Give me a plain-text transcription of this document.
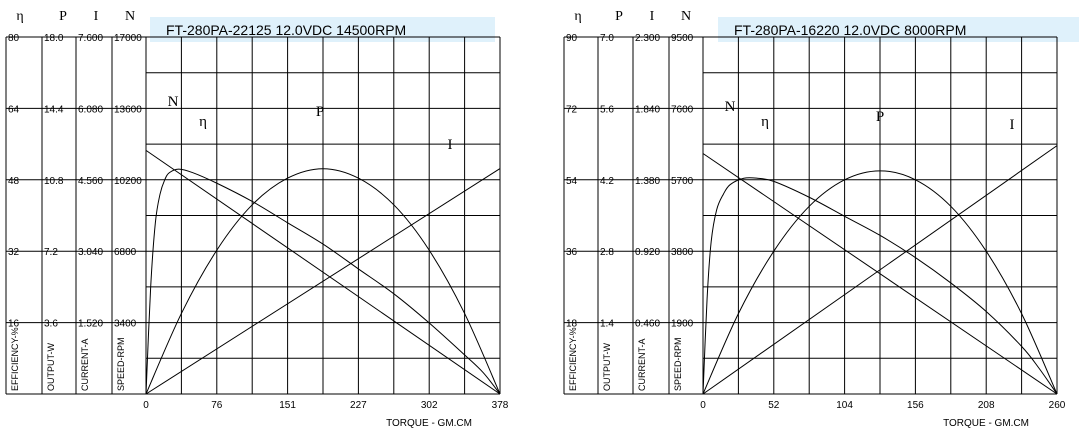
FT-280PA-22125 12.0VDC 14500RPM
η	P I N
80
64
48
32
16
18.0
14.4
10.8
7.2
3.6
7.600
6.080
4.560
3.040
1.520
17000
13600
10200
6800
3400
EFFICIENCY-%	OUTPUT-W	CURRENT-A	SPEED-RPM
0	76	151	227	302	378
TORQUE - GM.CM
N
I
P
η
FT-280PA-16220 12.0VDC 8000RPM
η P I N
90
72
54
36
18
7.0
5.6
4.2
2.8
1.4
2.300
1.840
1.380
0.920
0.460
9500
7600
5700
3800
1900
EFFICIENCY-%	OUTPUT-W	CURRENT-A	SPEED-RPM
0	52	104	156	208	260
TORQUE - GM.CM
N
I
P
η
